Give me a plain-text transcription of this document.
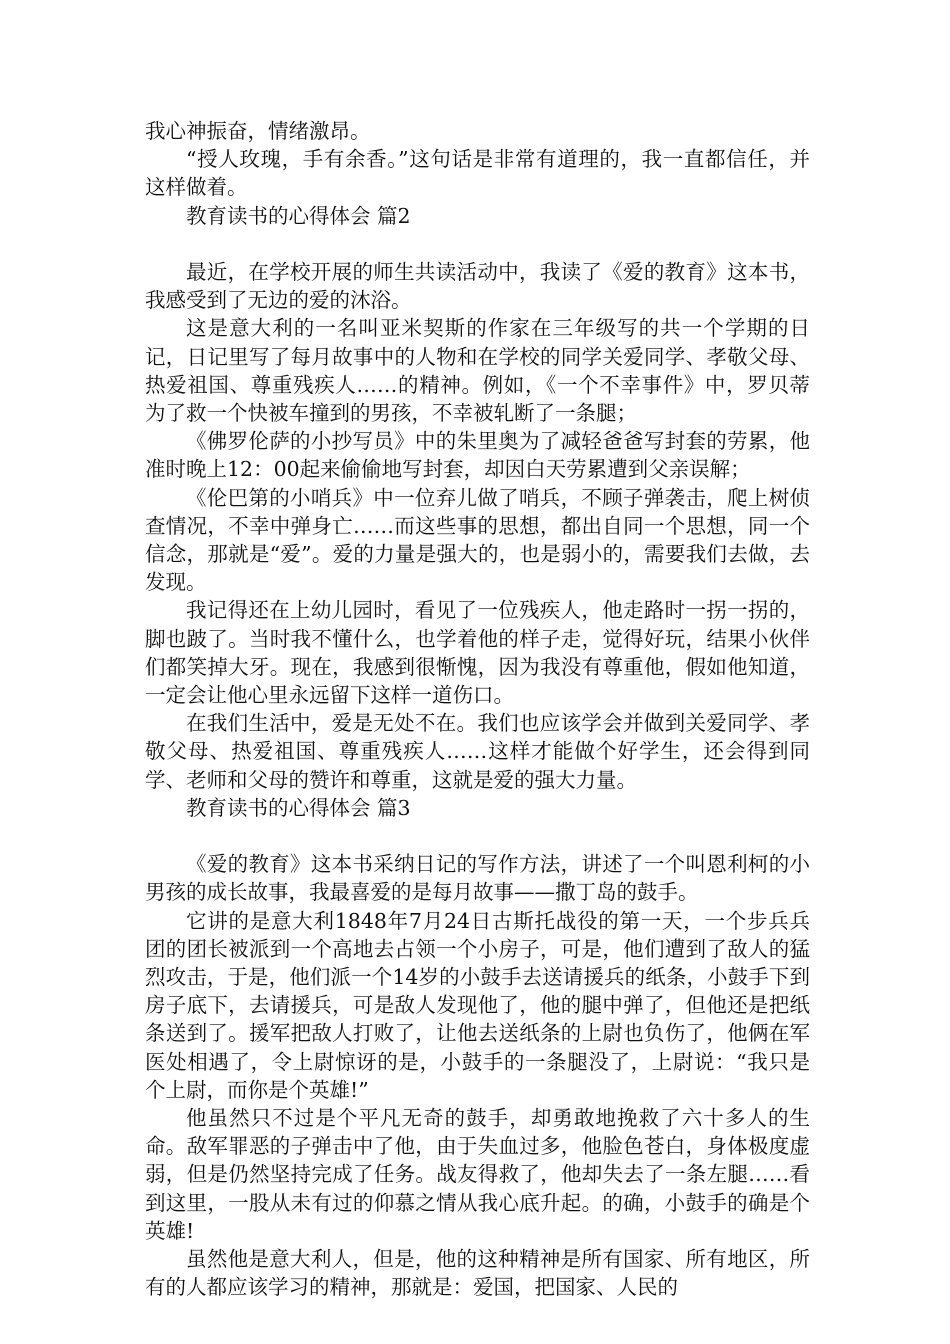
我心神振奋，情绪激昂。

“授人玫瑰，手有余香。”这句话是非常有道理的，我一直都信任，并这样做着。

教育读书的心得体会 篇2

最近，在学校开展的师生共读活动中，我读了《爱的教育》这本书，我感受到了无边的爱的沐浴。

这是意大利的一名叫亚米契斯的作家在三年级写的共一个学期的日记，日记里写了每月故事中的人物和在学校的同学关爱同学、孝敬父母、热爱祖国、尊重残疾人……的精神。例如，《一个不幸事件》中，罗贝蒂为了救一个快被车撞到的男孩，不幸被轧断了一条腿；

《佛罗伦萨的小抄写员》中的朱里奥为了减轻爸爸写封套的劳累，他准时晚上12：00起来偷偷地写封套，却因白天劳累遭到父亲误解；

《伦巴第的小哨兵》中一位弃儿做了哨兵，不顾子弹袭击，爬上树侦查情况，不幸中弹身亡……而这些事的思想，都出自同一个思想，同一个信念，那就是“爱”。爱的力量是强大的，也是弱小的，需要我们去做，去发现。

我记得还在上幼儿园时，看见了一位残疾人，他走路时一拐一拐的，脚也跛了。当时我不懂什么，也学着他的样子走，觉得好玩，结果小伙伴们都笑掉大牙。现在，我感到很惭愧，因为我没有尊重他，假如他知道，一定会让他心里永远留下这样一道伤口。

在我们生活中，爱是无处不在。我们也应该学会并做到关爱同学、孝敬父母、热爱祖国、尊重残疾人……这样才能做个好学生，还会得到同学、老师和父母的赞许和尊重，这就是爱的强大力量。

教育读书的心得体会 篇3

《爱的教育》这本书采纳日记的写作方法，讲述了一个叫恩利柯的小男孩的成长故事，我最喜爱的是每月故事——撒丁岛的鼓手。

它讲的是意大利1848年7月24日古斯托战役的第一天，一个步兵兵团的团长被派到一个高地去占领一个小房子，可是，他们遭到了敌人的猛烈攻击，于是，他们派一个14岁的小鼓手去送请援兵的纸条，小鼓手下到房子底下，去请援兵，可是敌人发现他了，他的腿中弹了，但他还是把纸条送到了。援军把敌人打败了，让他去送纸条的上尉也负伤了，他俩在军医处相遇了，令上尉惊讶的是，小鼓手的一条腿没了，上尉说：“我只是个上尉，而你是个英雄!”

他虽然只不过是个平凡无奇的鼓手，却勇敢地挽救了六十多人的生命。敌军罪恶的子弹击中了他，由于失血过多，他脸色苍白，身体极度虚弱，但是仍然坚持完成了任务。战友得救了，他却失去了一条左腿……看到这里，一股从未有过的仰慕之情从我心底升起。的确，小鼓手的确是个英雄!

虽然他是意大利人，但是，他的这种精神是所有国家、所有地区，所有的人都应该学习的精神，那就是：爱国，把国家、人民的
